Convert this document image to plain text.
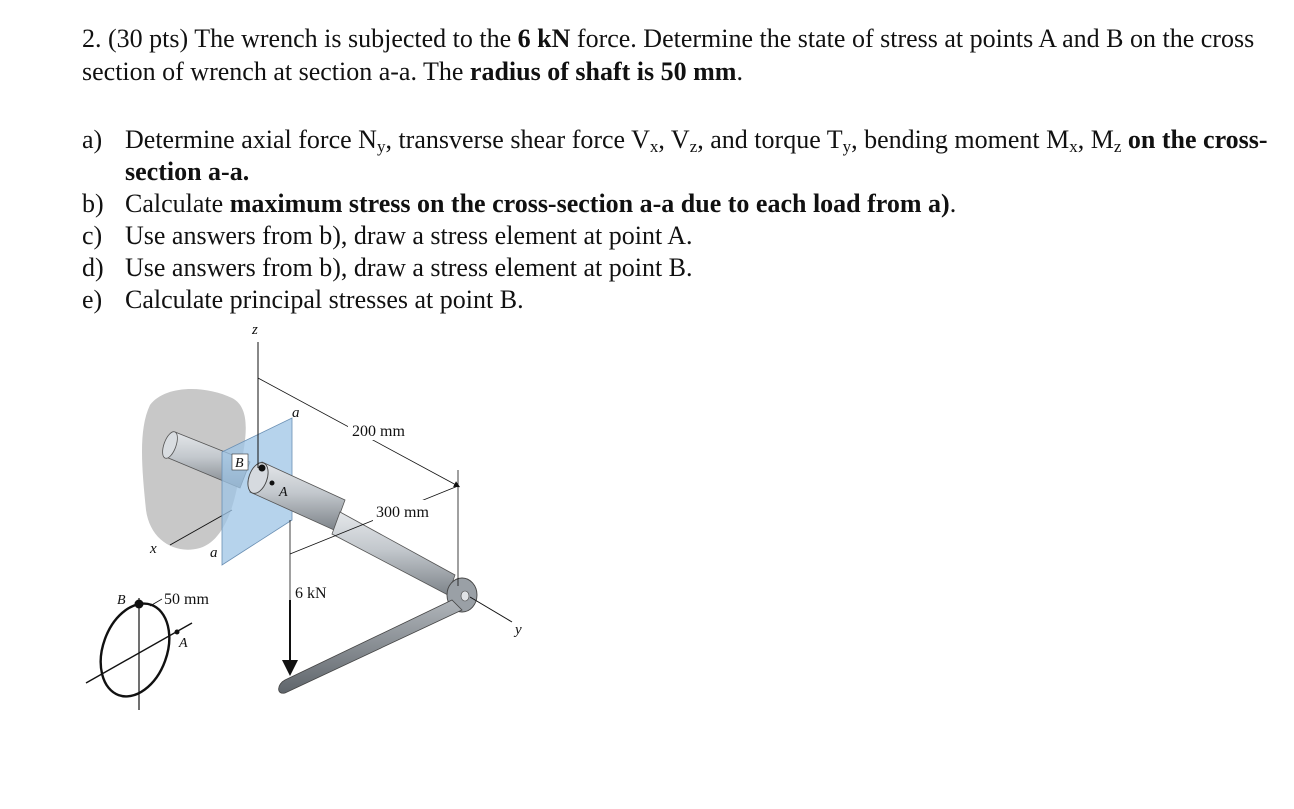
2. (30 pts) The wrench is subjected to the 6 kN force. Determine the state of stress at points A and B on the cross section of wrench at section a-a. The radius of shaft is 50 mm.
a) Determine axial force $N_y$, transverse shear force $V_x$, $V_z$, and torque $T_y$, bending moment $M_x$, $M_z$ on the cross- section a-a.
b) Calculate maximum stress on the cross-section a-a due to each load from a).
c) Use answers from b), draw a stress element at point A.
d) Use answers from b), draw a stress element at point B.
e) Calculate principal stresses at point B.
z
x
y
a
a
B
A
200 mm
300 mm
6 kN
B
A
50 mm
